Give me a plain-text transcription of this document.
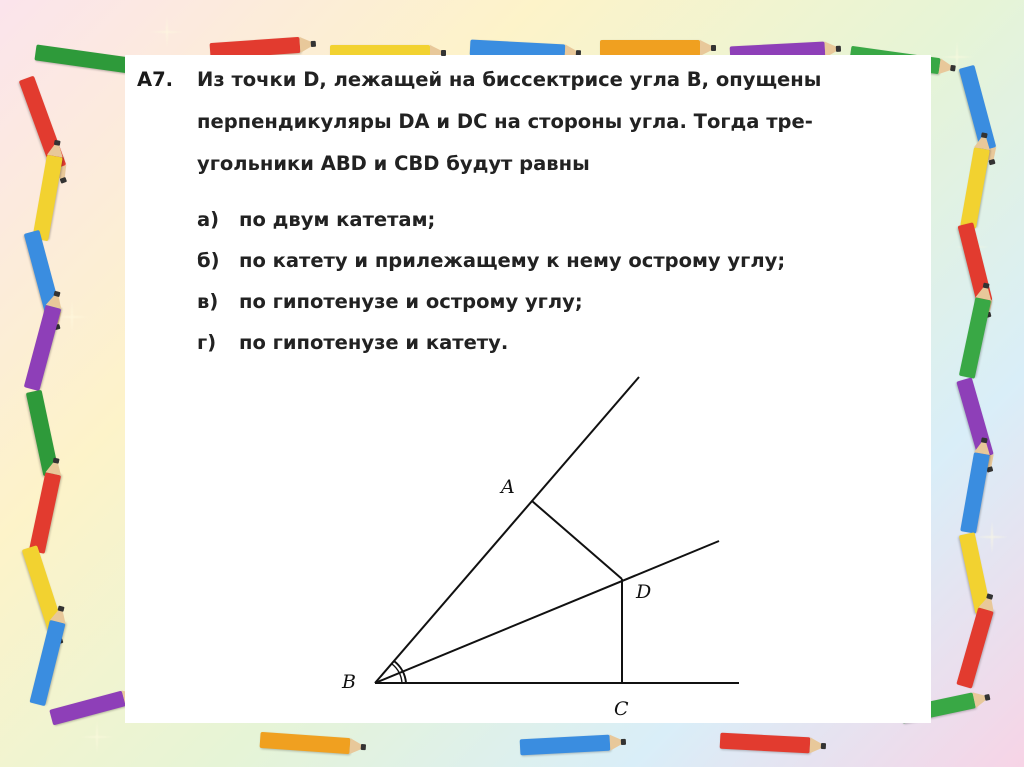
А7. Из точки D, лежащей на биссектрисе угла B, опущены
перпендикуляры DA и DC на стороны угла. Тогда тре-
угольники ABD и CBD будут равны
а) по двум катетам;
б) по катету и прилежащему к нему острому углу;
в) по гипотенузе и острому углу;
г) по гипотенузе и катету.
A
B
C
D
